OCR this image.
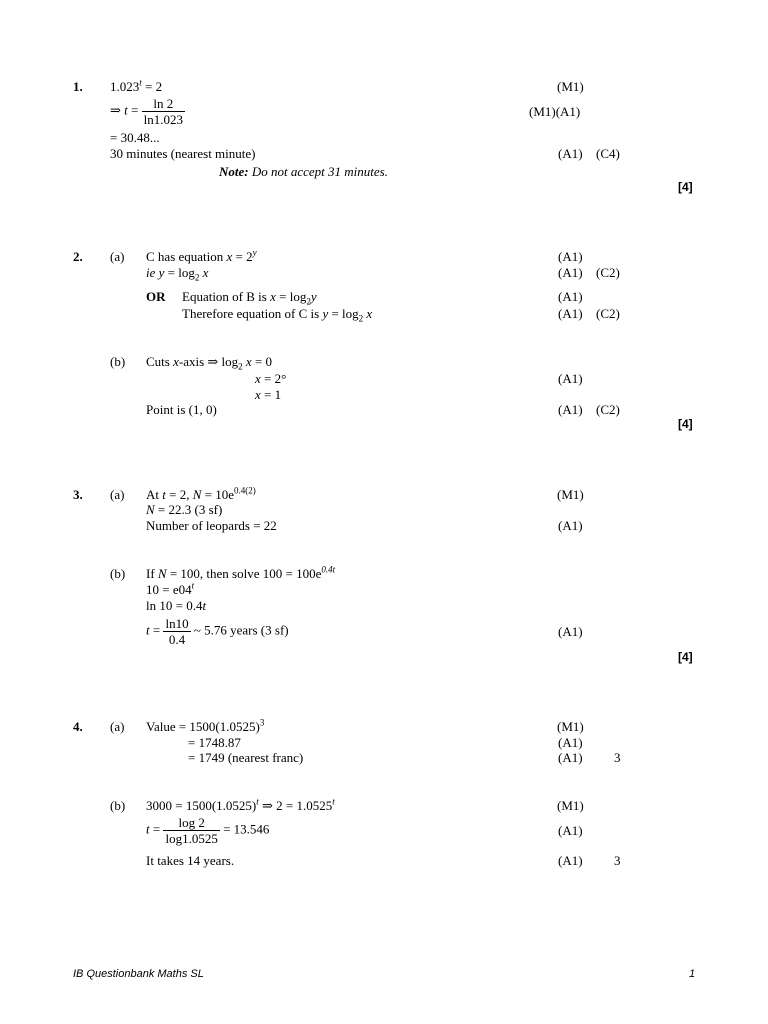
1. $1.023^t = 2$	(M1)
⇒ $t = \frac{\ln 2}{\ln 1.023}$	(M1)(A1)
= 30.48...
30 minutes (nearest minute)	(A1) (C4)
Note: Do not accept 31 minutes.
[4]
2. (a) C has equation $x = 2^y$	(A1)
ie $y = \log_2 x$	(A1) (C2)
OR Equation of B is $x = \log_2y$	(A1)
Therefore equation of C is $y = \log_2 x$	(A1) (C2)
(b) Cuts x-axis ⇒ $\log_2 x = 0$
x = 2°	(A1)
x = 1
Point is (1, 0)	(A1) (C2)
[4]
3. (a) At t = 2, $N = 10e^{0.4(2)}$	(M1)
N = 22.3 (3 sf)
Number of leopards = 22	(A1)
(b) If N = 100, then solve $100 = 100e^{0.4t}$
$10 = e04^t$
ln 10 = 0.4t
$t = \frac{\ln 10}{0.4}$ ~ 5.76 years (3 sf)	(A1)
[4]
4. (a) Value = $1500(1.0525)^3$	(M1)
= 1748.87	(A1)
= 1749 (nearest franc)	(A1) 3
(b) $3000 = 1500(1.0525)^t$ ⇒ $2 = 1.0525^t$	(M1)
$t = \frac{\log 2}{\log 1.0525} = 13.546$	(A1)
It takes 14 years.	(A1) 3
IB Questionbank Maths SL	1
